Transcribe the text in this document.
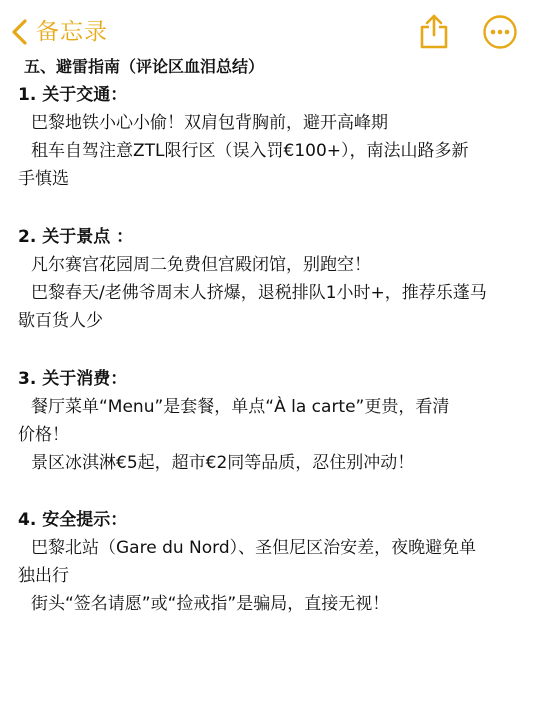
备忘录
五、避雷指南（评论区血泪总结）
1. 关于交通：
巴黎地铁小心小偷！双肩包背胸前，避开高峰期
租车自驾注意ZTL限行区（误入罚€100+），南法山路多新
手慎选
2. 关于景点 ：
凡尔赛宫花园周二免费但宫殿闭馆，别跑空！
巴黎春天/老佛爷周末人挤爆，退税排队1小时+，推荐乐蓬马
歇百货人少
3. 关于消费：
餐厅菜单“Menu”是套餐，单点“À la carte”更贵，看清
价格！
景区冰淇淋€5起，超市€2同等品质，忍住别冲动！
4. 安全提示：
巴黎北站（Gare du Nord）、圣但尼区治安差，夜晚避免单
独出行
街头“签名请愿”或“捡戒指”是骗局，直接无视！
